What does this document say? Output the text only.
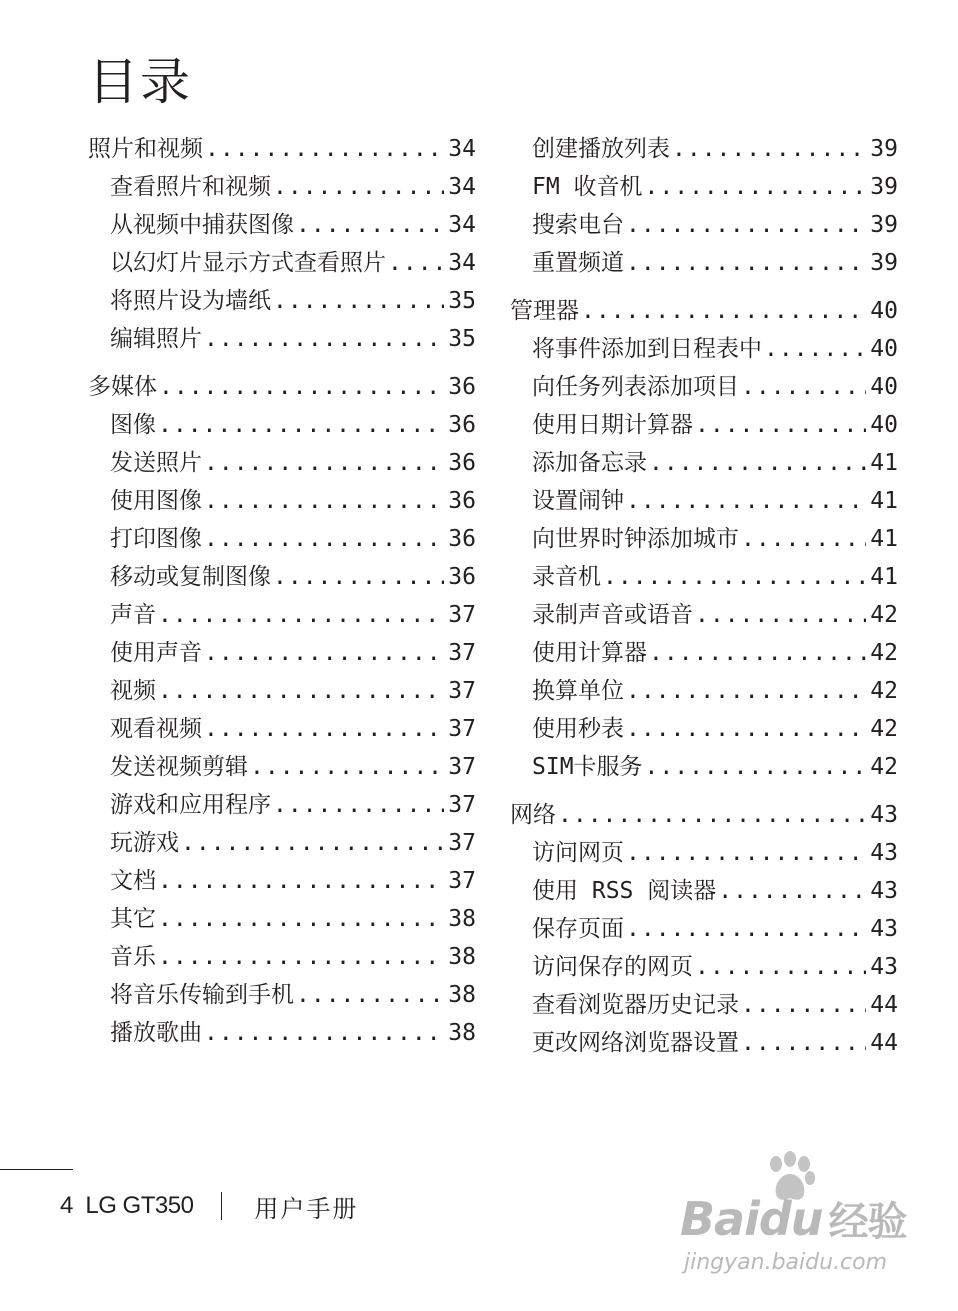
目录
照片和视频 .....	34
查看照片和视频 .....	34
从视频中捕获图像 .....	34
以幻灯片显示方式查看照片 .....	34
将照片设为墙纸 .....	35
编辑照片 .....	35
多媒体 .....	36
图像 .....	36
发送照片 .....	36
使用图像 .....	36
打印图像 .....	36
移动或复制图像 .....	36
声音 .....	37
使用声音 .....	37
视频 .....	37
观看视频 .....	37
发送视频剪辑 .....	37
游戏和应用程序 .....	37
玩游戏 .....	37
文档 .....	37
其它 .....	38
音乐 .....	38
将音乐传输到手机 .....	38
播放歌曲 .....	38
创建播放列表 .....	39
FM 收音机 .....	39
搜索电台 .....	39
重置频道 .....	39
管理器 .....	40
将事件添加到日程表中 .....	40
向任务列表添加项目 .....	40
使用日期计算器 .....	40
添加备忘录 .....	41
设置闹钟 .....	41
向世界时钟添加城市 .....	41
录音机 .....	41
录制声音或语音 .....	42
使用计算器 .....	42
换算单位 .....	42
使用秒表 .....	42
SIM卡服务 .....	42
网络 .....	43
访问网页 .....	43
使用 RSS 阅读器 .....	43
保存页面 .....	43
访问保存的网页 .....	43
查看浏览器历史记录 .....	44
更改网络浏览器设置 .....	44
4 LG GT350	用户手册	Baidu 经验
jingyan.baidu.com
